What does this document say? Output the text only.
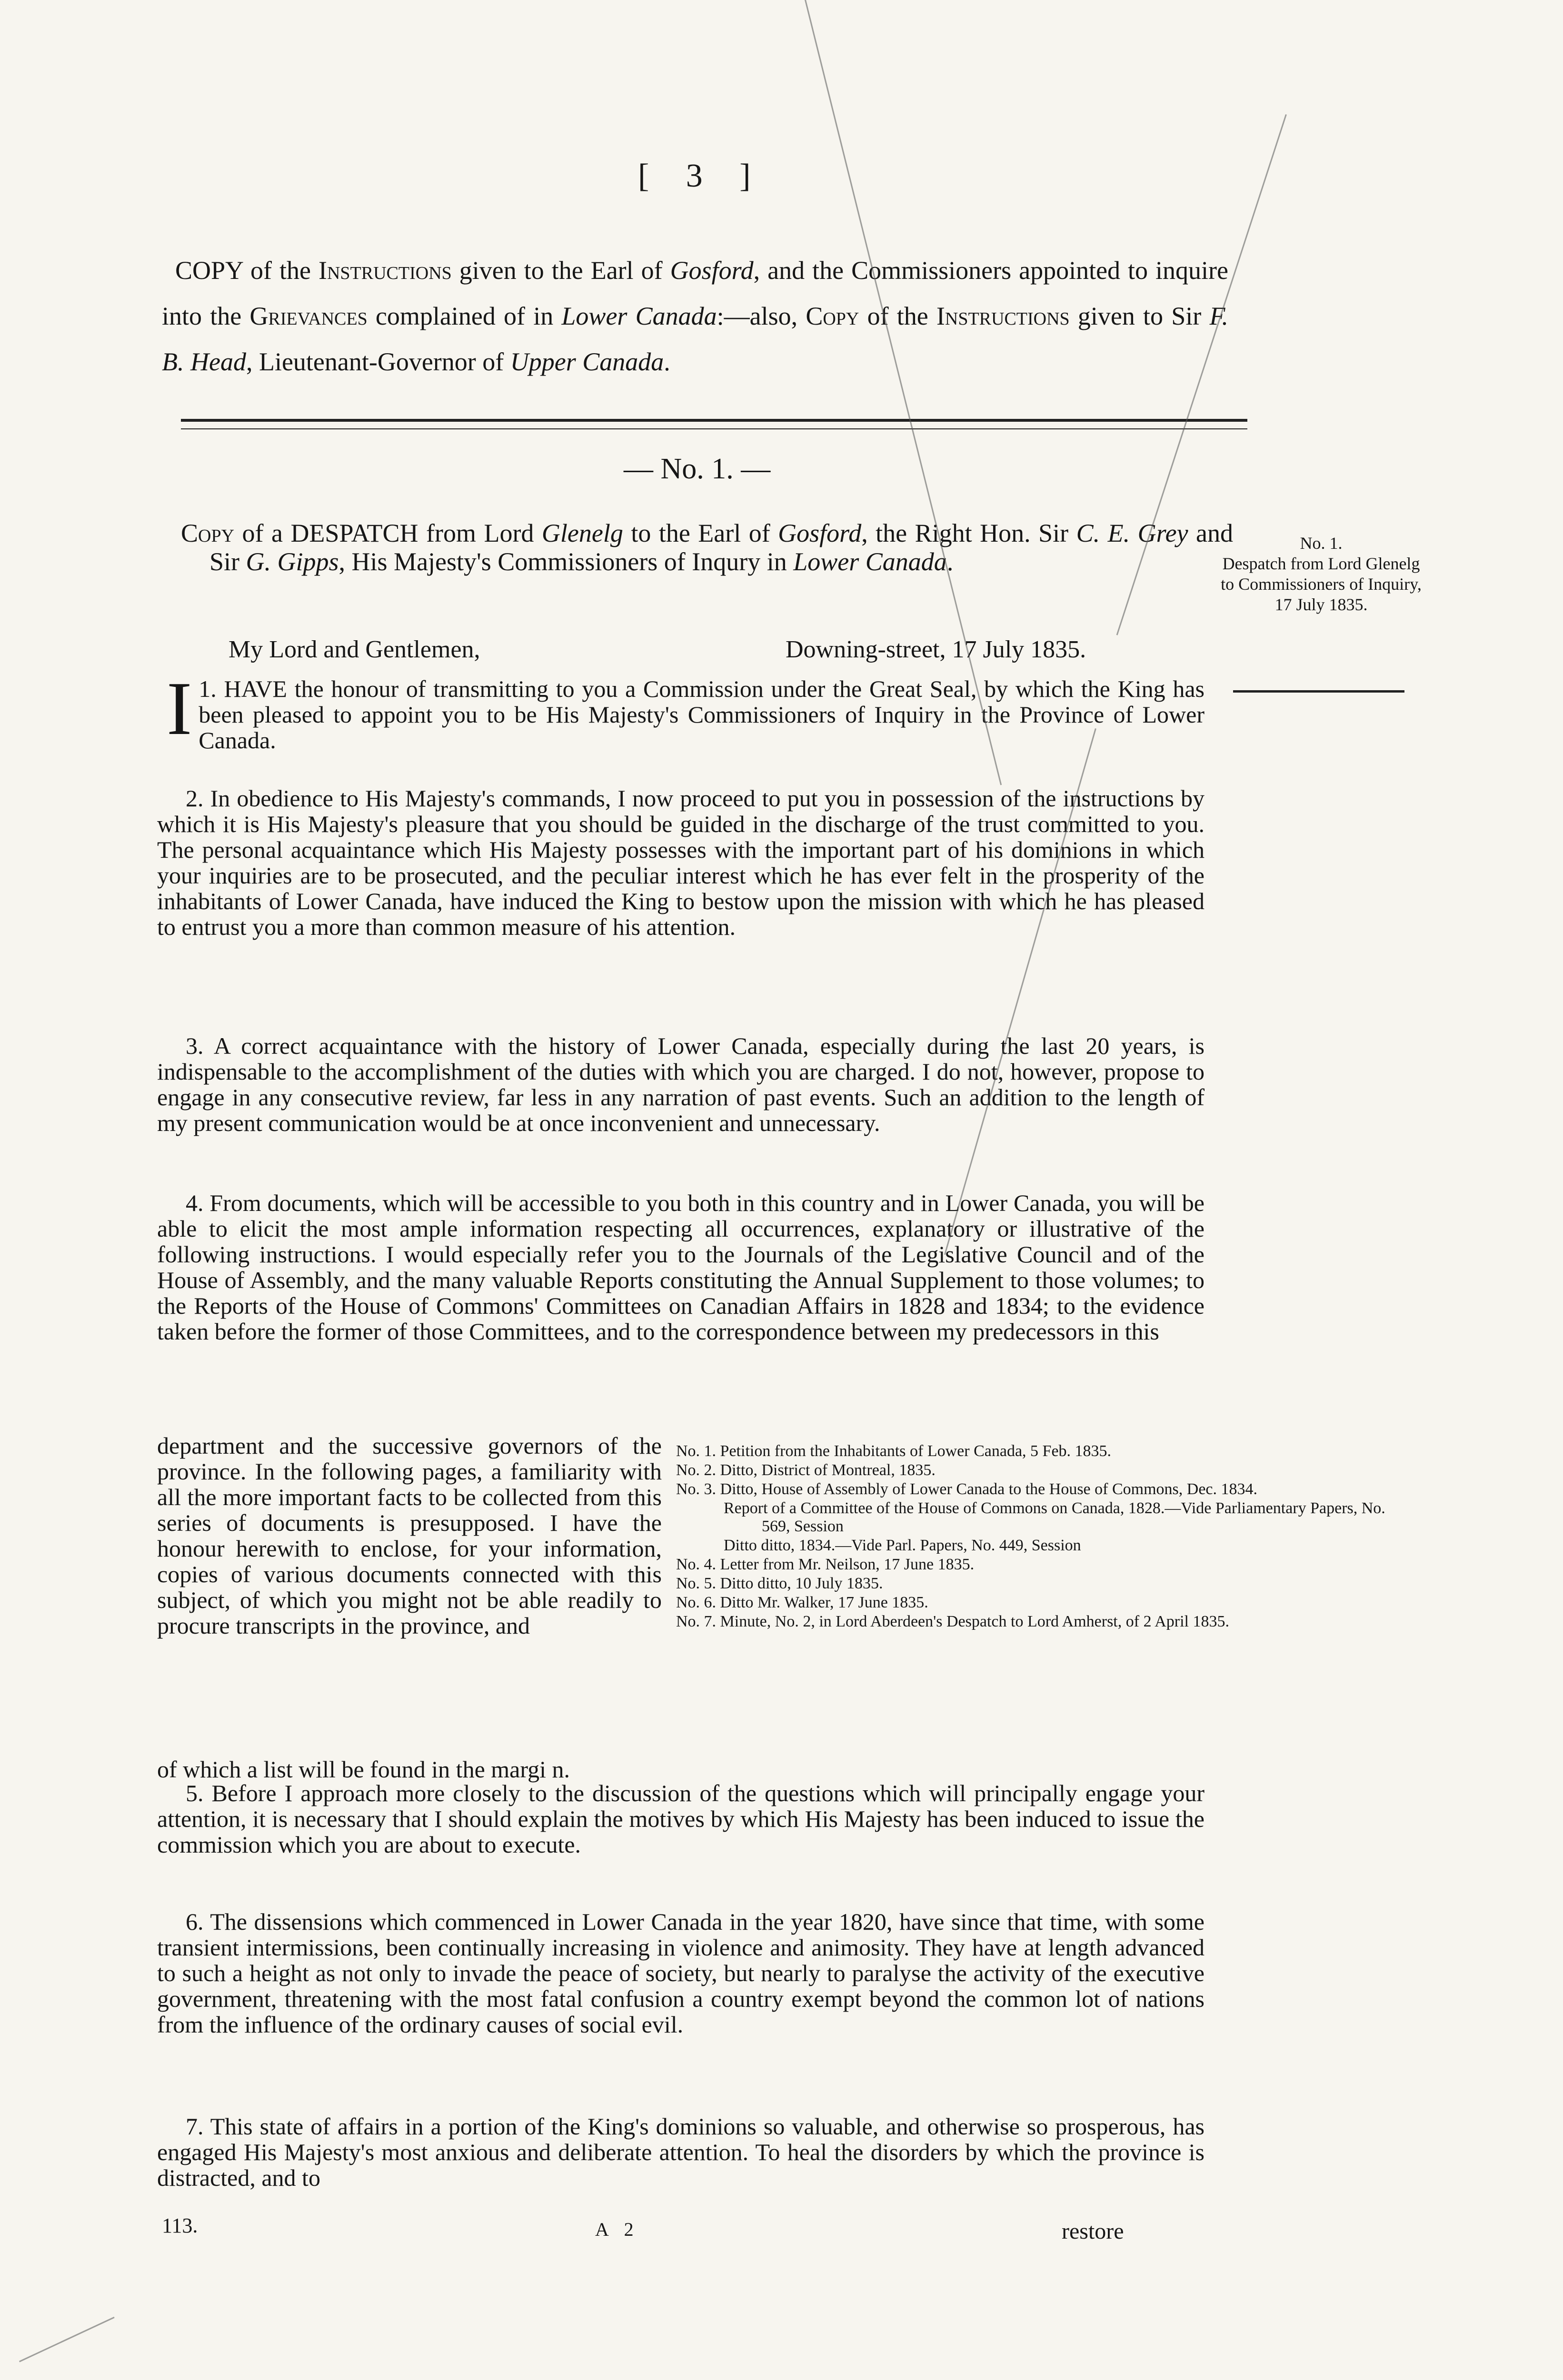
[ 3 ]
COPY of the Instructions given to the Earl of Gosford, and the Commissioners appointed to inquire into the Grievances complained of in Lower Canada:—also, Copy of the Instructions given to Sir F. B. Head, Lieutenant-Governor of Upper Canada.
— No. 1. —
Copy of a DESPATCH from Lord Glenelg to the Earl of Gosford, the Right Hon. Sir C. E. Grey and Sir G. Gipps, His Majesty's Commissioners of Inqury in Lower Canada.
No. 1.
Despatch from Lord Glenelg to Commissioners of Inquiry, 17 July 1835.
My Lord and Gentlemen,	Downing-street, 17 July 1835.

1.
I HAVE the honour of transmitting to you a Commission under the Great Seal, by which the King has been pleased to appoint you to be His Majesty's Commissioners of Inquiry in the Province of Lower Canada.

2. In obedience to His Majesty's commands, I now proceed to put you in possession of the instructions by which it is His Majesty's pleasure that you should be guided in the discharge of the trust committed to you. The personal acquaintance which His Majesty possesses with the important part of his dominions in which your inquiries are to be prosecuted, and the peculiar interest which he has ever felt in the prosperity of the inhabitants of Lower Canada, have induced the King to bestow upon the mission with which he has pleased to entrust you a more than common measure of his attention.

3. A correct acquaintance with the history of Lower Canada, especially during the last 20 years, is indispensable to the accomplishment of the duties with which you are charged. I do not, however, propose to engage in any consecutive review, far less in any narration of past events. Such an addition to the length of my present communication would be at once inconvenient and unnecessary.

4. From documents, which will be accessible to you both in this country and in Lower Canada, you will be able to elicit the most ample information respecting all occurrences, explanatory or illustrative of the following instructions. I would especially refer you to the Journals of the Legislative Council and of the House of Assembly, and the many valuable Reports constituting the Annual Supplement to those volumes; to the Reports of the House of Commons' Committees on Canadian Affairs in 1828 and 1834; to the evidence taken before the former of those Committees, and to the correspondence between my predecessors in this

department and the successive governors of the province. In the following pages, a familiarity with all the more important facts to be collected from this series of documents is presupposed. I have the honour herewith to enclose, for your information, copies of various documents connected with this subject, of which you might not be able readily to procure transcripts in the province, and

of which a list will be found in the margi n.
No. 1. Petition from the Inhabitants of Lower Canada, 5 Feb. 1835.
No. 2. Ditto, District of Montreal, 1835.
No. 3. Ditto, House of Assembly of Lower Canada to the House of Commons, Dec. 1834.
Report of a Committee of the House of Commons on Canada, 1828.—Vide Parliamentary Papers, No. 569, Session
Ditto ditto, 1834.—Vide Parl. Papers, No. 449, Session
No. 4. Letter from Mr. Neilson, 17 June 1835.
No. 5. Ditto ditto, 10 July 1835.
No. 6. Ditto Mr. Walker, 17 June 1835.
No. 7. Minute, No. 2, in Lord Aberdeen's Despatch to Lord Amherst, of 2 April 1835.

5. Before I approach more closely to the discussion of the questions which will principally engage your attention, it is necessary that I should explain the motives by which His Majesty has been induced to issue the commission which you are about to execute.

6. The dissensions which commenced in Lower Canada in the year 1820, have since that time, with some transient intermissions, been continually increasing in violence and animosity. They have at length advanced to such a height as not only to invade the peace of society, but nearly to paralyse the activity of the executive government, threatening with the most fatal confusion a country exempt beyond the common lot of nations from the influence of the ordinary causes of social evil.

7. This state of affairs in a portion of the King's dominions so valuable, and otherwise so prosperous, has engaged His Majesty's most anxious and deliberate attention. To heal the disorders by which the province is distracted, and to

113.	A 2	restore
